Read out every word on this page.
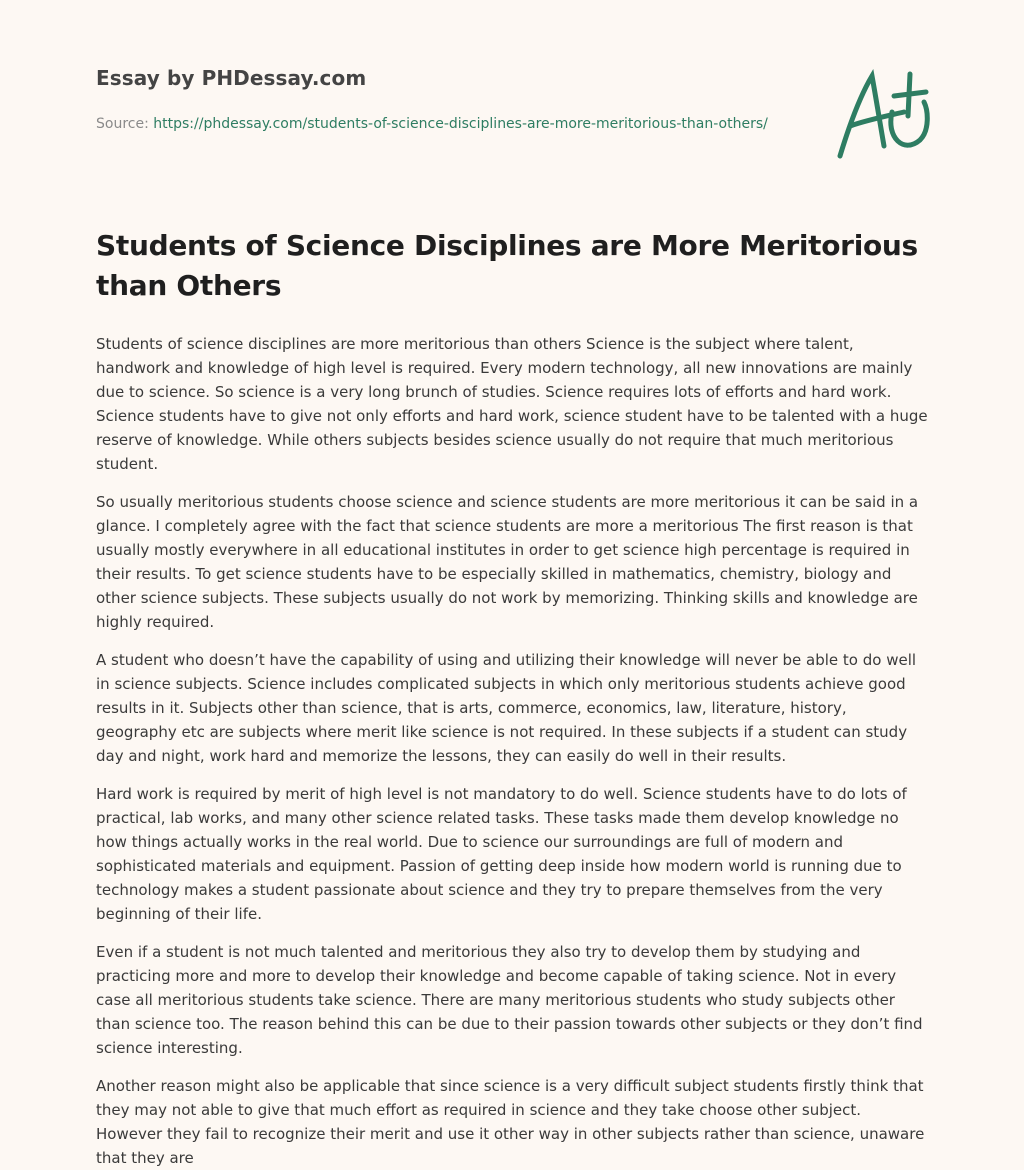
Essay by PHDessay.com
Source: https://phdessay.com/students-of-science-disciplines-are-more-meritorious-than-others/
Students of Science Disciplines are More Meritorious than Others

Students of science disciplines are more meritorious than others Science is the subject where talent, handwork and knowledge of high level is required. Every modern technology, all new innovations are mainly due to science. So science is a very long brunch of studies. Science requires lots of efforts and hard work. Science students have to give not only efforts and hard work, science student have to be talented with a huge reserve of knowledge. While others subjects besides science usually do not require that much meritorious student.

So usually meritorious students choose science and science students are more meritorious it can be said in a glance. I completely agree with the fact that science students are more a meritorious The first reason is that usually mostly everywhere in all educational institutes in order to get science high percentage is required in their results. To get science students have to be especially skilled in mathematics, chemistry, biology and other science subjects. These subjects usually do not work by memorizing. Thinking skills and knowledge are highly required.

A student who doesn’t have the capability of using and utilizing their knowledge will never be able to do well in science subjects. Science includes complicated subjects in which only meritorious students achieve good results in it. Subjects other than science, that is arts, commerce, economics, law, literature, history, geography etc are subjects where merit like science is not required. In these subjects if a student can study day and night, work hard and memorize the lessons, they can easily do well in their results.

Hard work is required by merit of high level is not mandatory to do well. Science students have to do lots of practical, lab works, and many other science related tasks. These tasks made them develop knowledge no how things actually works in the real world. Due to science our surroundings are full of modern and sophisticated materials and equipment. Passion of getting deep inside how modern world is running due to technology makes a student passionate about science and they try to prepare themselves from the very beginning of their life.

Even if a student is not much talented and meritorious they also try to develop them by studying and practicing more and more to develop their knowledge and become capable of taking science. Not in every case all meritorious students take science. There are many meritorious students who study subjects other than science too. The reason behind this can be due to their passion towards other subjects or they don’t find science interesting.

Another reason might also be applicable that since science is a very difficult subject students firstly think that they may not able to give that much effort as required in science and they take choose other subject. However they fail to recognize their merit and use it other way in other subjects rather than science, unaware that they are
